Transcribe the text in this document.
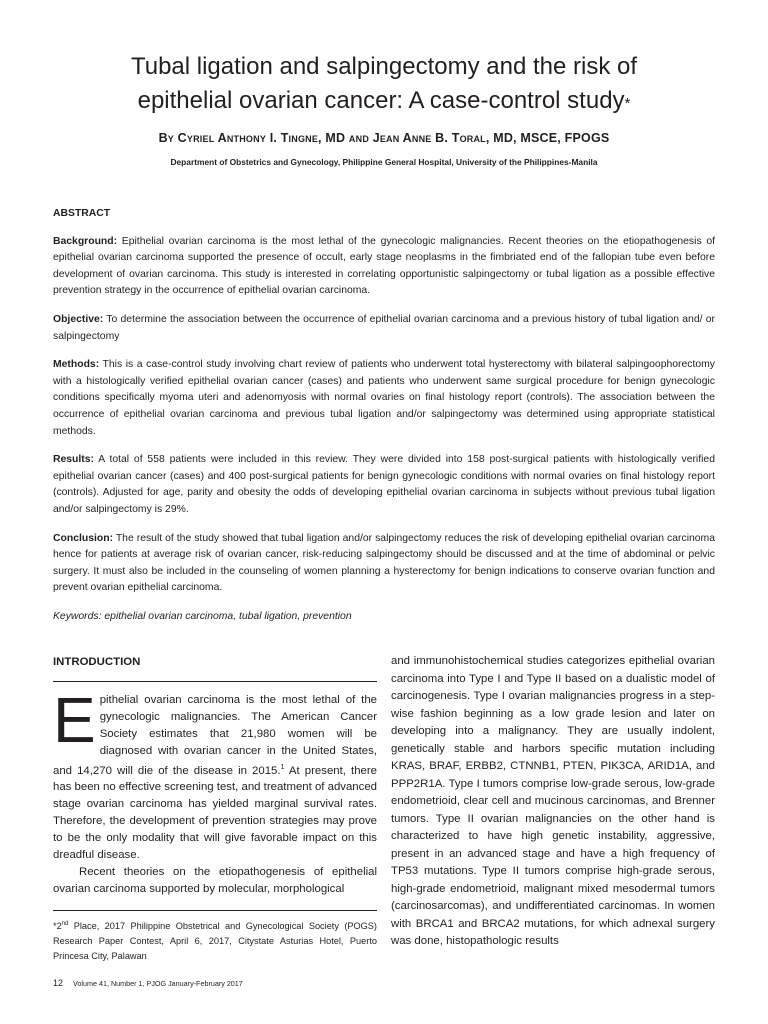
Tubal ligation and salpingectomy and the risk of
epithelial ovarian cancer: A case-control study*
By Cyriel Anthony I. Tingne, MD and Jean Anne B. Toral, MD, MSCE, FPOGS
Department of Obstetrics and Gynecology, Philippine General Hospital, University of the Philippines-Manila
ABSTRACT

Background: Epithelial ovarian carcinoma is the most lethal of the gynecologic malignancies. Recent theories on the etiopathogenesis of epithelial ovarian carcinoma supported the presence of occult, early stage neoplasms in the fimbriated end of the fallopian tube even before development of ovarian carcinoma. This study is interested in correlating opportunistic salpingectomy or tubal ligation as a possible effective prevention strategy in the occurrence of epithelial ovarian carcinoma.

Objective: To determine the association between the occurrence of epithelial ovarian carcinoma and a previous history of tubal ligation and/ or salpingectomy

Methods: This is a case-control study involving chart review of patients who underwent total hysterectomy with bilateral salpingoophorectomy with a histologically verified epithelial ovarian cancer (cases) and patients who underwent same surgical procedure for benign gynecologic conditions specifically myoma uteri and adenomyosis with normal ovaries on final histology report (controls). The association between the occurrence of epithelial ovarian carcinoma and previous tubal ligation and/or salpingectomy was determined using appropriate statistical methods.

Results: A total of 558 patients were included in this review. They were divided into 158 post-surgical patients with histologically verified epithelial ovarian cancer (cases) and 400 post-surgical patients for benign gynecologic conditions with normal ovaries on final histology report (controls). Adjusted for age, parity and obesity the odds of developing epithelial ovarian carcinoma in subjects without previous tubal ligation and/or salpingectomy is 29%.

Conclusion: The result of the study showed that tubal ligation and/or salpingectomy reduces the risk of developing epithelial ovarian carcinoma hence for patients at average risk of ovarian cancer, risk-reducing salpingectomy should be discussed and at the time of abdominal or pelvic surgery. It must also be included in the counseling of women planning a hysterectomy for benign indications to conserve ovarian function and prevent ovarian epithelial carcinoma.

Keywords: epithelial ovarian carcinoma, tubal ligation, prevention

INTRODUCTION

Epithelial ovarian carcinoma is the most lethal of the gynecologic malignancies. The American Cancer Society estimates that 21,980 women will be diagnosed with ovarian cancer in the United States, and 14,270 will die of the disease in 2015.$^1$ At present, there has been no effective screening test, and treatment of advanced stage ovarian carcinoma has yielded marginal survival rates. Therefore, the development of prevention strategies may prove to be the only modality that will give favorable impact on this dreadful disease.

Recent theories on the etiopathogenesis of epithelial ovarian carcinoma supported by molecular, morphological

and immunohistochemical studies categorizes epithelial ovarian carcinoma into Type I and Type II based on a dualistic model of carcinogenesis. Type I ovarian malignancies progress in a step-wise fashion beginning as a low grade lesion and later on developing into a malignancy. They are usually indolent, genetically stable and harbors specific mutation including KRAS, BRAF, ERBB2, CTNNB1, PTEN, PIK3CA, ARID1A, and PPP2R1A. Type I tumors comprise low-grade serous, low-grade endometrioid, clear cell and mucinous carcinomas, and Brenner tumors. Type II ovarian malignancies on the other hand is characterized to have high genetic instability, aggressive, present in an advanced stage and have a high frequency of TP53 mutations. Type II tumors comprise high-grade serous, high-grade endometrioid, malignant mixed mesodermal tumors (carcinosarcomas), and undifferentiated carcinomas. In women with BRCA1 and BRCA2 mutations, for which adnexal surgery was done, histopathologic results

*2nd Place, 2017 Philippine Obstetrical and Gynecological Society (POGS) Research Paper Contest, April 6, 2017, Citystate Asturias Hotel, Puerto Princesa City, Palawan
12 Volume 41, Number 1, PJOG January-February 2017
